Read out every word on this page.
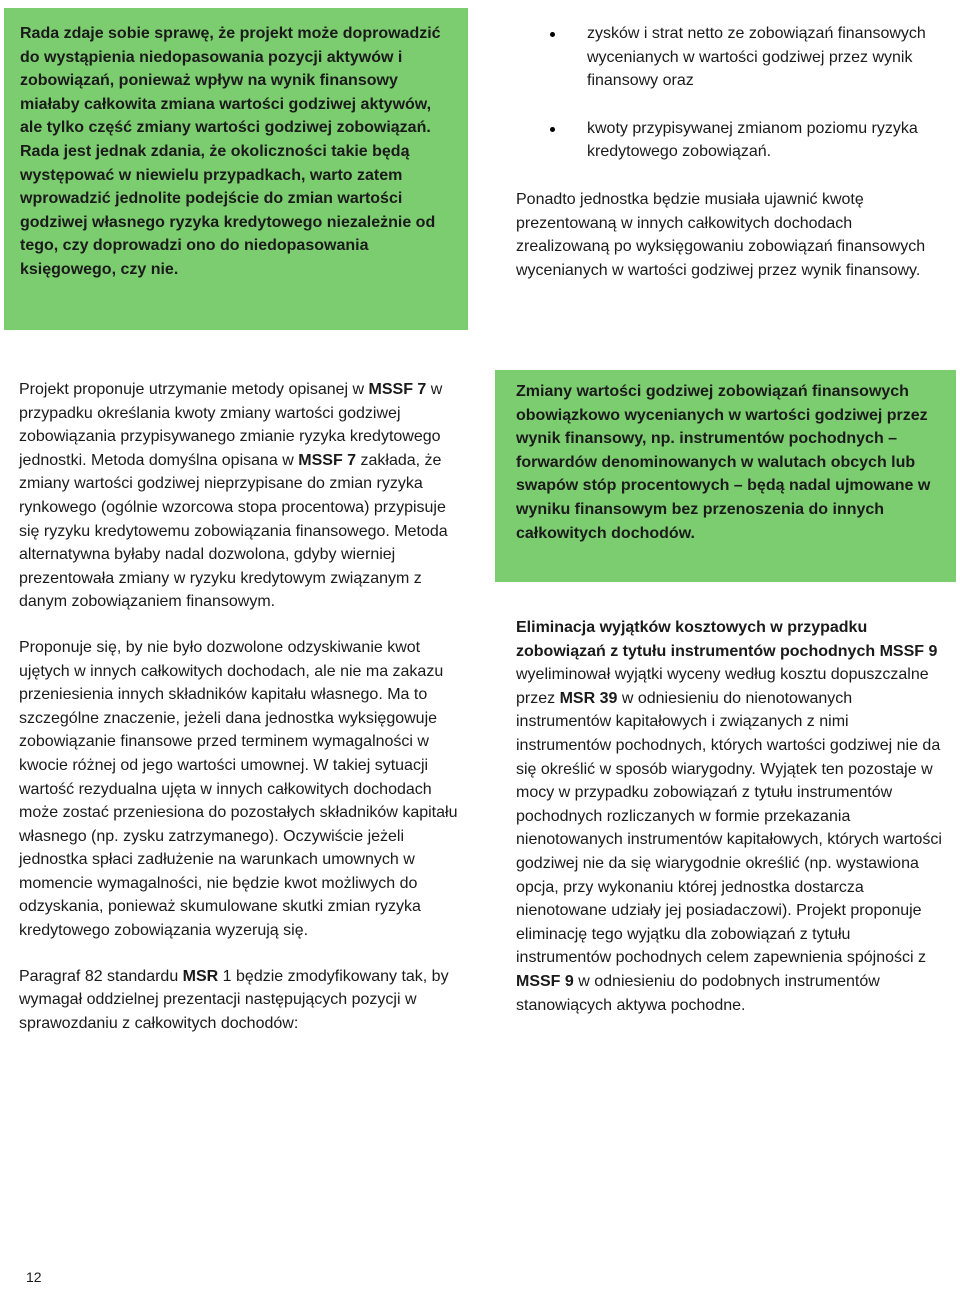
Rada zdaje sobie sprawę, że projekt może doprowadzić do wystąpienia niedopasowania pozycji aktywów i zobowiązań, ponieważ wpływ na wynik finansowy miałaby całkowita zmiana wartości godziwej aktywów, ale tylko część zmiany wartości godziwej zobowiązań. Rada jest jednak zdania, że okoliczności takie będą występować w niewielu przypadkach, warto zatem wprowadzić jednolite podejście do zmian wartości godziwej własnego ryzyka kredytowego niezależnie od tego, czy doprowadzi ono do niedopasowania księgowego, czy nie.

zysków i strat netto ze zobowiązań finansowych wycenianych w wartości godziwej przez wynik finansowy oraz
kwoty przypisywanej zmianom poziomu ryzyka kredytowego zobowiązań.

Ponadto jednostka będzie musiała ujawnić kwotę prezentowaną w innych całkowitych dochodach zrealizowaną po wyksięgowaniu zobowiązań finansowych wycenianych w wartości godziwej przez wynik finansowy.

Projekt proponuje utrzymanie metody opisanej w MSSF 7 w przypadku określania kwoty zmiany wartości godziwej zobowiązania przypisywanego zmianie ryzyka kredytowego jednostki. Metoda domyślna opisana w MSSF 7 zakłada, że zmiany wartości godziwej nieprzypisane do zmian ryzyka rynkowego (ogólnie wzorcowa stopa procentowa) przypisuje się ryzyku kredytowemu zobowiązania finansowego. Metoda alternatywna byłaby nadal dozwolona, gdyby wierniej prezentowała zmiany w ryzyku kredytowym związanym z danym zobowiązaniem finansowym.

Proponuje się, by nie było dozwolone odzyskiwanie kwot ujętych w innych całkowitych dochodach, ale nie ma zakazu przeniesienia innych składników kapitału własnego. Ma to szczególne znaczenie, jeżeli dana jednostka wyksięgowuje zobowiązanie finansowe przed terminem wymagalności w kwocie różnej od jego wartości umownej. W takiej sytuacji wartość rezydualna ujęta w innych całkowitych dochodach może zostać przeniesiona do pozostałych składników kapitału własnego (np. zysku zatrzymanego). Oczywiście jeżeli jednostka spłaci zadłużenie na warunkach umownych w momencie wymagalności, nie będzie kwot możliwych do odzyskania, ponieważ skumulowane skutki zmian ryzyka kredytowego zobowiązania wyzerują się.

Paragraf 82 standardu MSR 1 będzie zmodyfikowany tak, by wymagał oddzielnej prezentacji następujących pozycji w sprawozdaniu z całkowitych dochodów:

Zmiany wartości godziwej zobowiązań finansowych obowiązkowo wycenianych w wartości godziwej przez wynik finansowy, np. instrumentów pochodnych – forwardów denominowanych w walutach obcych lub swapów stóp procentowych – będą nadal ujmowane w wyniku finansowym bez przenoszenia do innych całkowitych dochodów.

Eliminacja wyjątków kosztowych w przypadku zobowiązań z tytułu instrumentów pochodnych MSSF 9 wyeliminował wyjątki wyceny według kosztu dopuszczalne przez MSR 39 w odniesieniu do nienotowanych instrumentów kapitałowych i związanych z nimi instrumentów pochodnych, których wartości godziwej nie da się określić w sposób wiarygodny. Wyjątek ten pozostaje w mocy w przypadku zobowiązań z tytułu instrumentów pochodnych rozliczanych w formie przekazania nienotowanych instrumentów kapitałowych, których wartości godziwej nie da się wiarygodnie określić (np. wystawiona opcja, przy wykonaniu której jednostka dostarcza nienotowane udziały jej posiadaczowi). Projekt proponuje eliminację tego wyjątku dla zobowiązań z tytułu instrumentów pochodnych celem zapewnienia spójności z MSSF 9 w odniesieniu do podobnych instrumentów stanowiących aktywa pochodne.

12
